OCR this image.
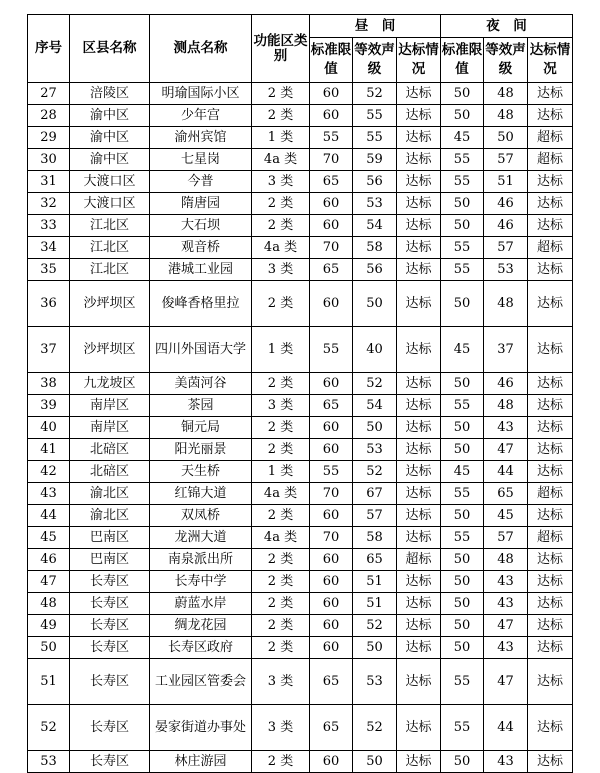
序号	区县名称	测点名称	功能区类别	昼　间			夜　间		
				标准限值	等效声级	达标情况	标准限值	等效声级	达标情况
27	涪陵区	明瑜国际小区	2 类	60	52	达标	50	48	达标
28	渝中区	少年宫	2 类	60	55	达标	50	48	达标
29	渝中区	渝州宾馆	1 类	55	55	达标	45	50	超标
30	渝中区	七星岗	4a 类	70	59	达标	55	57	超标
31	大渡口区	今普	3 类	65	56	达标	55	51	达标
32	大渡口区	隋唐园	2 类	60	53	达标	50	46	达标
33	江北区	大石坝	2 类	60	54	达标	50	46	达标
34	江北区	观音桥	4a 类	70	58	达标	55	57	超标
35	江北区	港城工业园	3 类	65	56	达标	55	53	达标
36	沙坪坝区	俊峰香格里拉	2 类	60	50	达标	50	48	达标
37	沙坪坝区	四川外国语大学	1 类	55	40	达标	45	37	达标
38	九龙坡区	美茵河谷	2 类	60	52	达标	50	46	达标
39	南岸区	茶园	3 类	65	54	达标	55	48	达标
40	南岸区	铜元局	2 类	60	50	达标	50	43	达标
41	北碚区	阳光丽景	2 类	60	53	达标	50	47	达标
42	北碚区	天生桥	1 类	55	52	达标	45	44	达标
43	渝北区	红锦大道	4a 类	70	67	达标	55	65	超标
44	渝北区	双凤桥	2 类	60	57	达标	50	45	达标
45	巴南区	龙洲大道	4a 类	70	58	达标	55	57	超标
46	巴南区	南泉派出所	2 类	60	65	超标	50	48	达标
47	长寿区	长寿中学	2 类	60	51	达标	50	43	达标
48	长寿区	蔚蓝水岸	2 类	60	51	达标	50	43	达标
49	长寿区	绸龙花园	2 类	60	52	达标	50	47	达标
50	长寿区	长寿区政府	2 类	60	50	达标	50	43	达标
51	长寿区	工业园区管委会	3 类	65	53	达标	55	47	达标
52	长寿区	晏家街道办事处	3 类	65	52	达标	55	44	达标
53	长寿区	林庄游园	2 类	60	50	达标	50	43	达标
